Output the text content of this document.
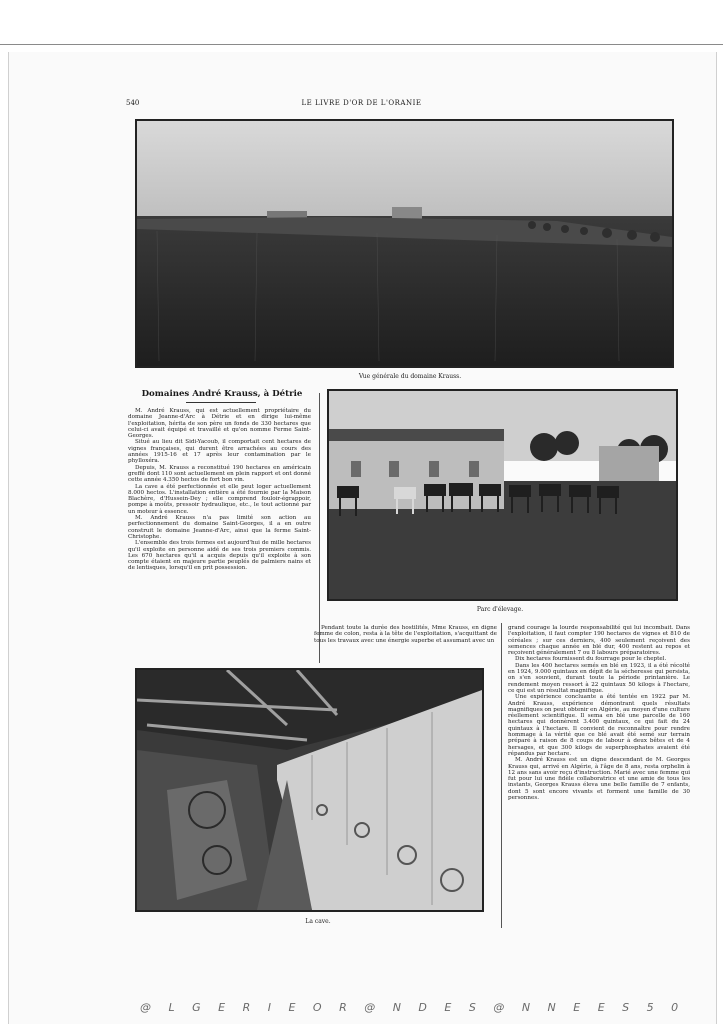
540	LE LIVRE D'OR DE L'ORANIE
Vue générale du domaine Krauss.
Domaines André Krauss, à Détrie

M. André Krauss, qui est actuellement propriétaire du domaine Jeanne-d'Arc à Détrie et en dirige lui-même l'exploitation, hérita de son père un fonds de 330 hectares que celui-ci avait équipé et travaillé et qu'on nomme Ferme Saint-Georges.

Situé au lieu dit Sidi-Yacoub, il comportait cent hectares de vignes françaises, qui durent être arrachées au cours des années 1915-16 et 17 après leur contamination par le phylloxéra.

Depuis, M. Krauss a reconstitué 190 hectares en américain greffé dont 110 sont actuellement en plein rapport et ont donné cette année 4.350 hectos de fort bon vin.

La cave a été perfectionnée et elle peut loger actuellement 8.000 hectos. L'installation entière a été fournie par la Maison Blachère, d'Hussein-Dey ; elle comprend fouloir-égrappoir, pompe à moûts, pressoir hydraulique, etc., le tout actionné par un moteur à essence.

M. André Krauss n'a pas limité son action au perfectionnement du domaine Saint-Georges, il a en outre construit le domaine Jeanne-d'Arc, ainsi que la ferme Saint-Christophe.

L'ensemble des trois fermes est aujourd'hui de mille hectares qu'il exploite en personne aidé de ses trois premiers commis. Les 670 hectares qu'il a acquis depuis qu'il exploite à son compte étaient en majeure partie peuplés de palmiers nains et de lentisques, lorsqu'il en prit possession.

Parc d'élevage.

Pendant toute la durée des hostilités, Mme Krauss, en digne femme de colon, resta à la tête de l'exploitation, s'acquittant de tous les travaux avec une énergie superbe et assumant avec un

grand courage la lourde responsabilité qui lui incombait. Dans l'exploitation, il faut compter 190 hectares de vignes et 810 de céréales ; sur ces derniers, 400 seulement reçoivent des semences chaque année en blé dur, 400 restent au repos et reçoivent généralement 7 ou 8 labours préparatoires.

Dix hectares fournissent du fourrage pour le cheptel.

Dans les 400 hectares semés en blé en 1923, il a été récolté en 1924, 9.000 quintaux en dépit de la sécheresse qui persista, on s'en souvient, durant toute la période printanière. Le rendement moyen ressort à 22 quintaux 50 kilogs à l'hectare, ce qui est un résultat magnifique.

Une expérience concluante a été tentée en 1922 par M. André Krauss, expérience démontrant quels résultats magnifiques on peut obtenir en Algérie, au moyen d'une culture réellement scientifique. Il sema en blé une parcelle de 160 hectares qui donnèrent 3.400 quintaux, ce qui fait du 24 quintaux à l'hectare. Il convient de reconnaître pour rendre hommage à la vérité que ce blé avait été semé sur terrain préparé à raison de 8 coups de labour à deux bêtes et de 4 hersages, et que 300 kilogs de superphosphates avaient été répandus par hectare.

M. André Krauss est un digne descendant de M. Georges Krauss qui, arrivé en Algérie, à l'âge de 8 ans, resta orphelin à 12 ans sans avoir reçu d'instruction. Marié avec une femme qui fut pour lui une fidèle collaboratrice et une amie de tous les instants, Georges Krauss éleva une belle famille de 7 enfants, dont 5 sont encore vivants et forment une famille de 30 personnes.

La cave.
@ L G E R I E O R @ N D E S @ N N E E S 5 0
